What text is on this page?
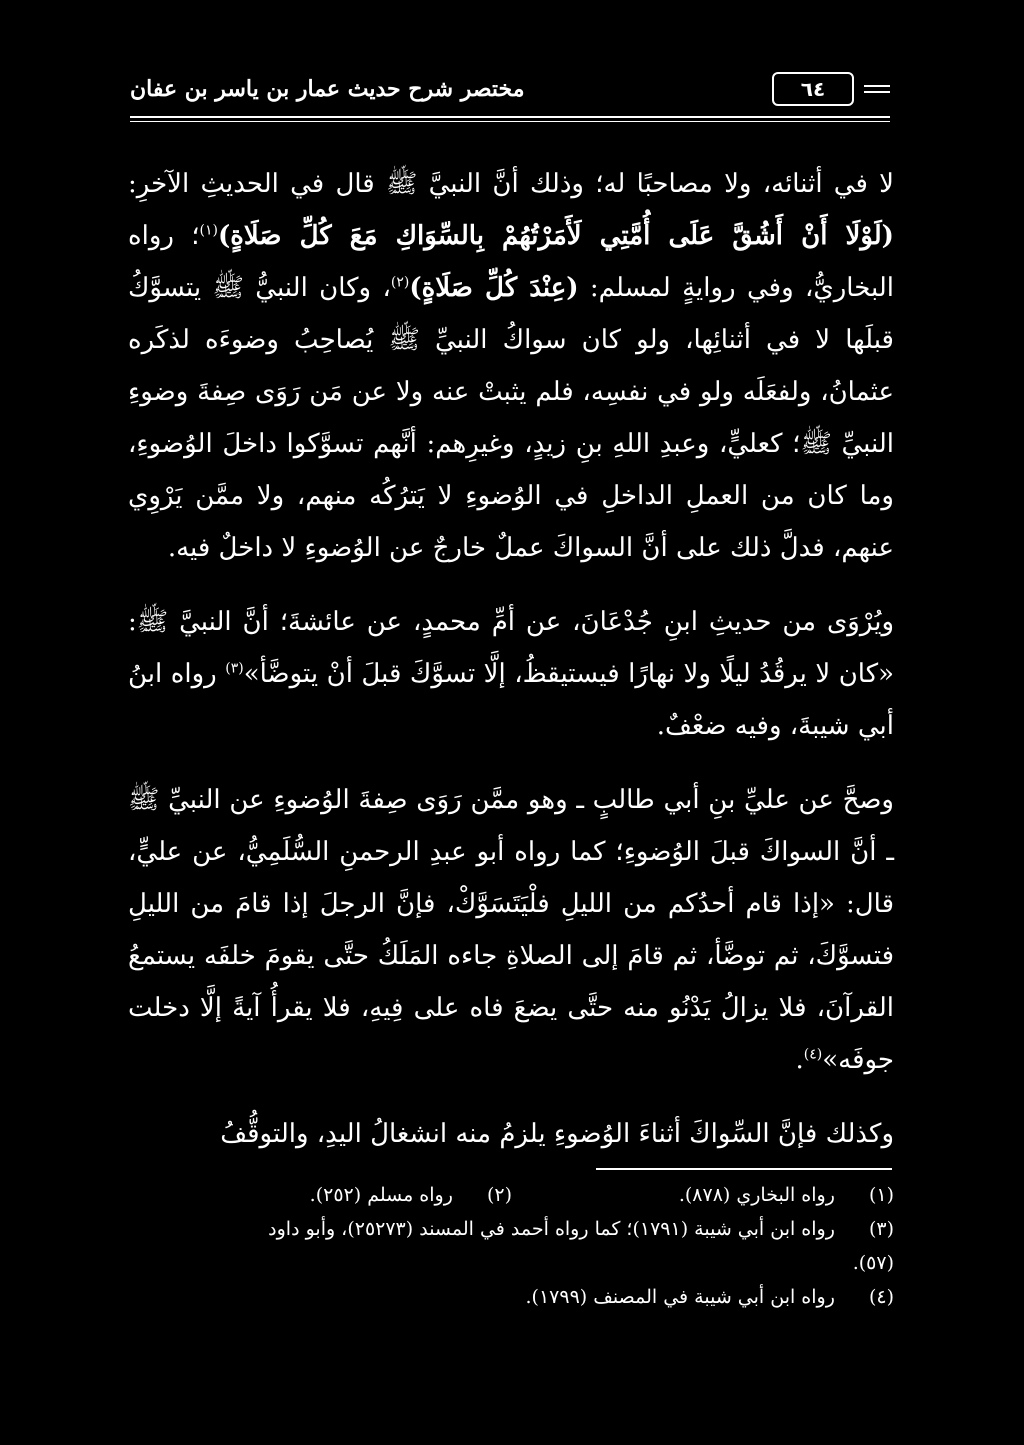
٦٤
مختصر شرح حديث عمار بن ياسر بن عفان

لا في أثنائه، ولا مصاحبًا له؛ وذلك أنَّ النبيَّ ﷺ قال في الحديثِ الآخرِ: (لَوْلَا أَنْ أَشُقَّ عَلَى أُمَّتِي لَأَمَرْتُهُمْ بِالسِّوَاكِ مَعَ كُلِّ صَلَاةٍ)$^{(١)}$؛ رواه البخاريُّ، وفي روايةٍ لمسلم: (عِنْدَ كُلِّ صَلَاةٍ)$^{(٢)}$، وكان النبيُّ ﷺ يتسوَّكُ قبلَها لا في أثنائِها، ولو كان سواكُ النبيِّ ﷺ يُصاحِبُ وضوءَه لذكَره عثمانُ، ولفعَلَه ولو في نفسِه، فلم يثبتْ عنه ولا عن مَن رَوَى صِفةَ وضوءِ النبيِّ ﷺ؛ كعليٍّ، وعبدِ اللهِ بنِ زيدٍ، وغيرِهم: أنَّهم تسوَّكوا داخلَ الوُضوءِ، وما كان من العملِ الداخلِ في الوُضوءِ لا يَترُكُه منهم، ولا ممَّن يَرْوِي عنهم، فدلَّ ذلك على أنَّ السواكَ عملٌ خارجٌ عن الوُضوءِ لا داخلٌ فيه.

ويُرْوَى من حديثِ ابنِ جُدْعَانَ، عن أمِّ محمدٍ، عن عائشةَ؛ أنَّ النبيَّ ﷺ: «كان لا يرقُدُ ليلًا ولا نهارًا فيستيقظُ، إلَّا تسوَّكَ قبلَ أنْ يتوضَّأ»$^{(٣)}$ رواه ابنُ أبي شيبةَ، وفيه ضعْفٌ.

وصحَّ عن عليِّ بنِ أبي طالبٍ ـ وهو ممَّن رَوَى صِفةَ الوُضوءِ عن النبيِّ ﷺ ـ أنَّ السواكَ قبلَ الوُضوءِ؛ كما رواه أبو عبدِ الرحمنِ السُّلَمِيُّ، عن عليٍّ، قال: «إذا قام أحدُكم من الليلِ فلْيَتَسَوَّكْ، فإنَّ الرجلَ إذا قامَ من الليلِ فتسوَّكَ، ثم توضَّأ، ثم قامَ إلى الصلاةِ جاءه المَلَكُ حتَّى يقومَ خلفَه يستمعُ القرآنَ، فلا يزالُ يَدْنُو منه حتَّى يضعَ فاه على فِيهِ، فلا يقرأُ آيةً إلَّا دخلت جوفَه»$^{(٤)}$.

وكذلك فإنَّ السِّواكَ أثناءَ الوُضوءِ يلزمُ منه انشغالُ اليدِ، والتوقُّفُ

(١) رواه البخاري (٨٧٨).
(٢) رواه مسلم (٢٥٢).
(٣) رواه ابن أبي شيبة (١٧٩١)؛ كما رواه أحمد في المسند (٢٥٢٧٣)، وأبو داود
(٥٧).
(٤) رواه ابن أبي شيبة في المصنف (١٧٩٩).
